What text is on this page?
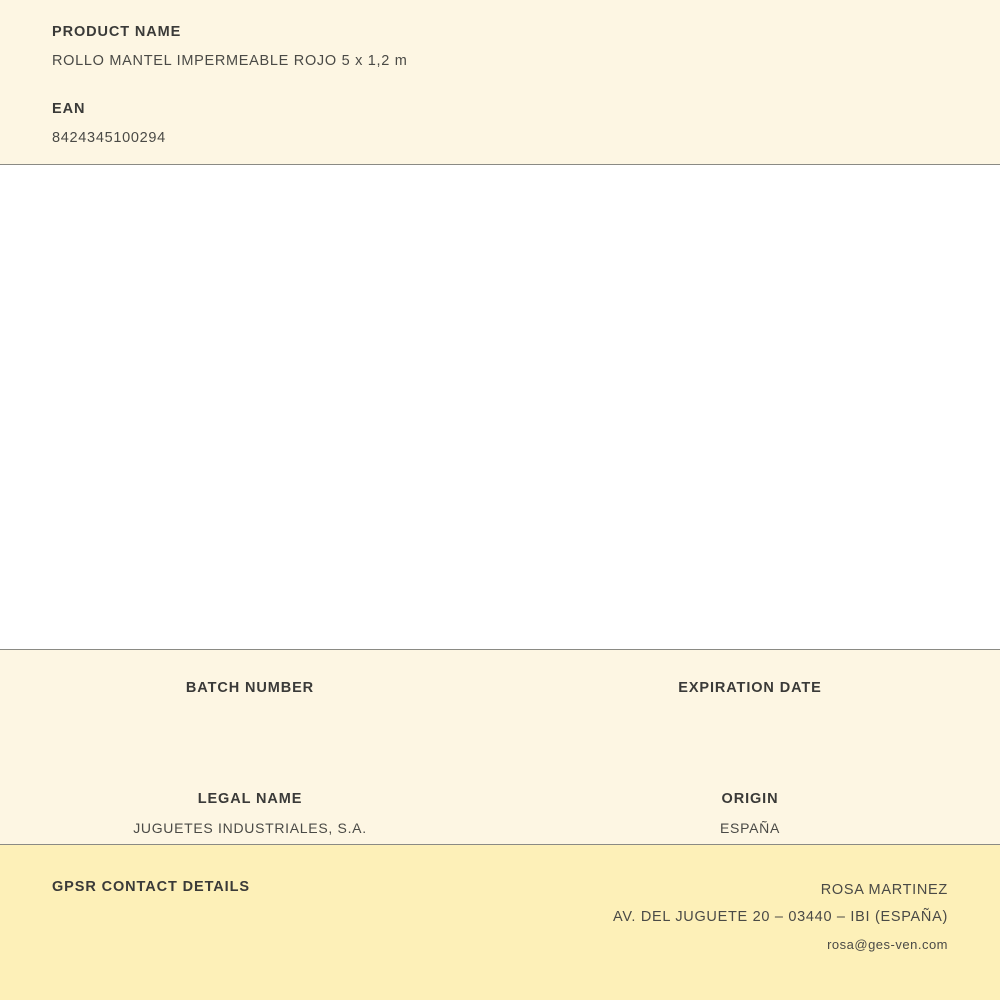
PRODUCT NAME
ROLLO MANTEL IMPERMEABLE ROJO 5 x 1,2 m
EAN
8424345100294
BATCH NUMBER	EXPIRATION DATE
LEGAL NAME
JUGUETES INDUSTRIALES, S.A.
ORIGIN
ESPAÑA
GPSR CONTACT DETAILS	ROSA MARTINEZ
AV. DEL JUGUETE 20 – 03440 – IBI (ESPAÑA)
rosa@ges-ven.com
